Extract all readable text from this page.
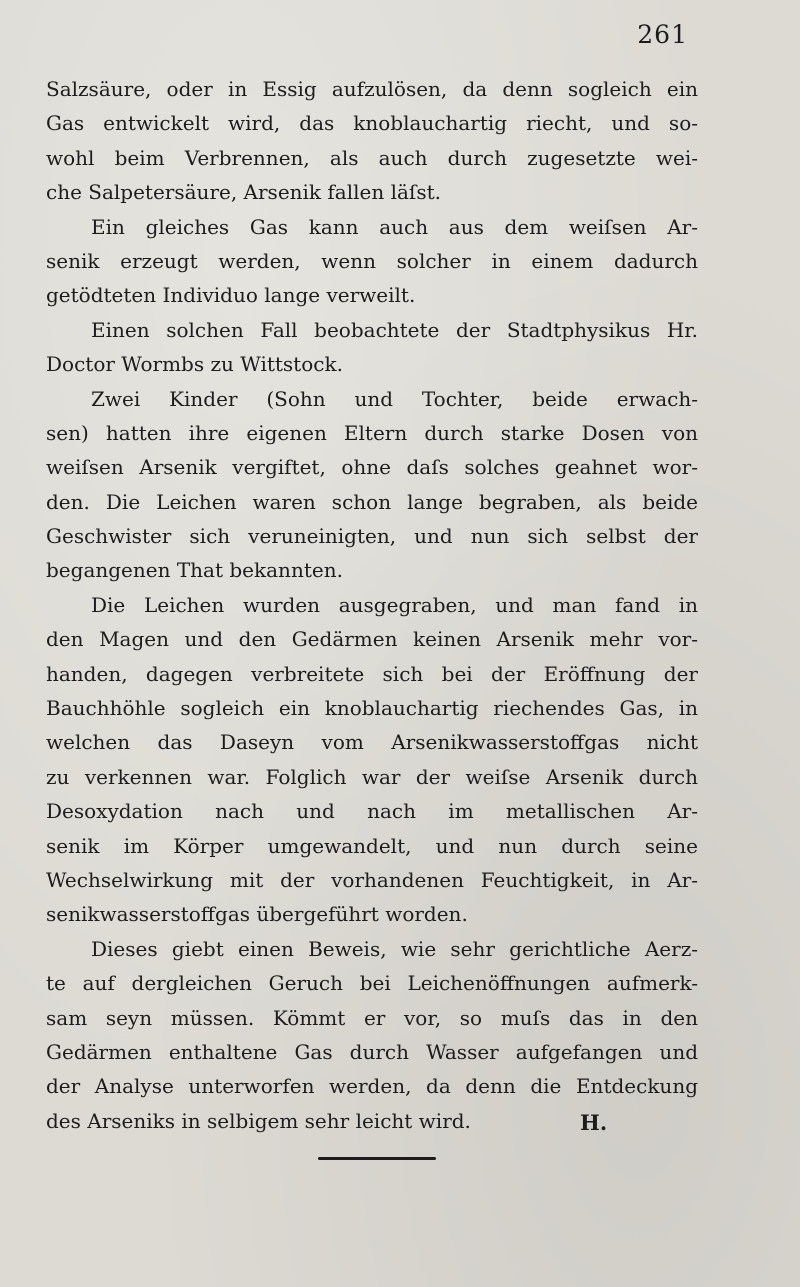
261
Salzsäure, oder in Essig aufzulösen, da denn sogleich ein
Gas entwickelt wird, das knoblauchartig riecht, und so-
wohl beim Verbrennen, als auch durch zugesetzte wei-
che Salpetersäure, Arsenik fallen läſst.
Ein gleiches Gas kann auch aus dem weiſsen Ar-
senik erzeugt werden, wenn solcher in einem dadurch
getödteten Individuo lange verweilt.
Einen solchen Fall beobachtete der Stadtphysikus Hr.
Doctor Wormbs zu Wittstock.
Zwei Kinder (Sohn und Tochter, beide erwach-
sen) hatten ihre eigenen Eltern durch starke Dosen von
weiſsen Arsenik vergiftet, ohne daſs solches geahnet wor-
den. Die Leichen waren schon lange begraben, als beide
Geschwister sich veruneinigten, und nun sich selbst der
begangenen That bekannten.
Die Leichen wurden ausgegraben, und man fand in
den Magen und den Gedärmen keinen Arsenik mehr vor-
handen, dagegen verbreitete sich bei der Eröffnung der
Bauchhöhle sogleich ein knoblauchartig riechendes Gas, in
welchen das Daseyn vom Arsenikwasserstoffgas nicht
zu verkennen war. Folglich war der weiſse Arsenik durch
Desoxydation nach und nach im metallischen Ar-
senik im Körper umgewandelt, und nun durch seine
Wechselwirkung mit der vorhandenen Feuchtigkeit, in Ar-
senikwasserstoffgas übergeführt worden.
Dieses giebt einen Beweis, wie sehr gerichtliche Aerz-
te auf dergleichen Geruch bei Leichenöffnungen aufmerk-
sam seyn müssen. Kömmt er vor, so muſs das in den
Gedärmen enthaltene Gas durch Wasser aufgefangen und
der Analyse unterworfen werden, da denn die Entdeckung
des Arseniks in selbigem sehr leicht wird.	H.
